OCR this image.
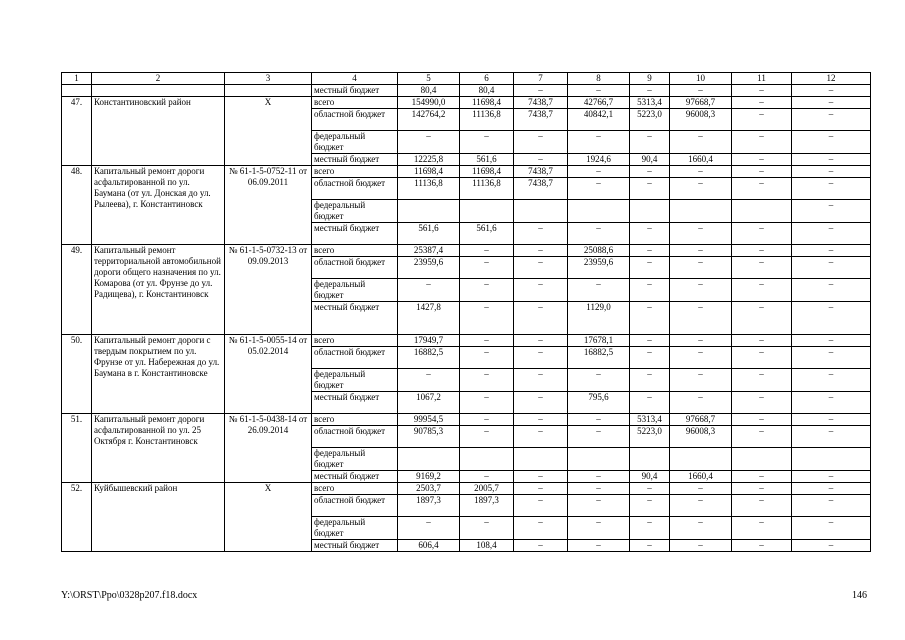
1	2	3	4	5	6	7	8	9	10	11	12
			местный бюджет	80,4	80,4	–	–	–	–	–	–
47.	Константиновский район	X	всего	154990,0	11698,4	7438,7	42766,7	5313,4	97668,7	–	–
			областной бюджет	142764,2	11136,8	7438,7	40842,1	5223,0	96008,3	–	–
			федеральный бюджет	–	–	–	–	–	–	–	–
			местный бюджет	12225,8	561,6	–	1924,6	90,4	1660,4	–	–
48.	Капитальный ремонт дороги асфальтированной по ул. Баумана (от ул. Донская до ул. Рылеева), г. Константиновск	№ 61-1-5-0752-11 от 06.09.2011	всего	11698,4	11698,4	7438,7	–	–	–	–	–
			областной бюджет	11136,8	11136,8	7438,7	–	–	–	–	–
			федеральный бюджет								–
			местный бюджет	561,6	561,6	–	–	–	–	–	–
49.	Капитальный ремонт территориальной автомобильной дороги общего назначения по ул. Комарова (от ул. Фрунзе до ул. Радищева), г. Константиновск	№ 61-1-5-0732-13 от 09.09.2013	всего	25387,4	–	–	25088,6	–	–	–	–
			областной бюджет	23959,6	–	–	23959,6	–	–	–	–
			федеральный бюджет	–	–	–	–	–	–	–	–
			местный бюджет	1427,8	–	–	1129,0	–	–	–	–
50.	Капитальный ремонт дороги с твердым покрытием по ул. Фрунзе от ул. Набережная до ул. Баумана в г. Константиновске	№ 61-1-5-0055-14 от 05.02.2014	всего	17949,7	–	–	17678,1	–	–	–	–
			областной бюджет	16882,5	–	–	16882,5	–	–	–	–
			федеральный бюджет	–	–	–	–	–	–	–	–
			местный бюджет	1067,2	–	–	795,6	–	–	–	–
51.	Капитальный ремонт дороги асфальтированной по ул. 25 Октября г. Константиновск	№ 61-1-5-0438-14 от 26.09.2014	всего	99954,5	–	–	–	5313,4	97668,7	–	–
			областной бюджет	90785,3	–	–	–	5223,0	96008,3	–	–
			федеральный бюджет								
			местный бюджет	9169,2	–	–	–	90,4	1660,4	–	–
52.	Куйбышевский район	X	всего	2503,7	2005,7	–	–	–	–	–	–
			областной бюджет	1897,3	1897,3	–	–	–	–	–	–
			федеральный бюджет	–	–	–	–	–	–	–	–
			местный бюджет	606,4	108,4	–	–	–	–	–	–
Y:\ORST\Ppo\0328p207.f18.docx	146
